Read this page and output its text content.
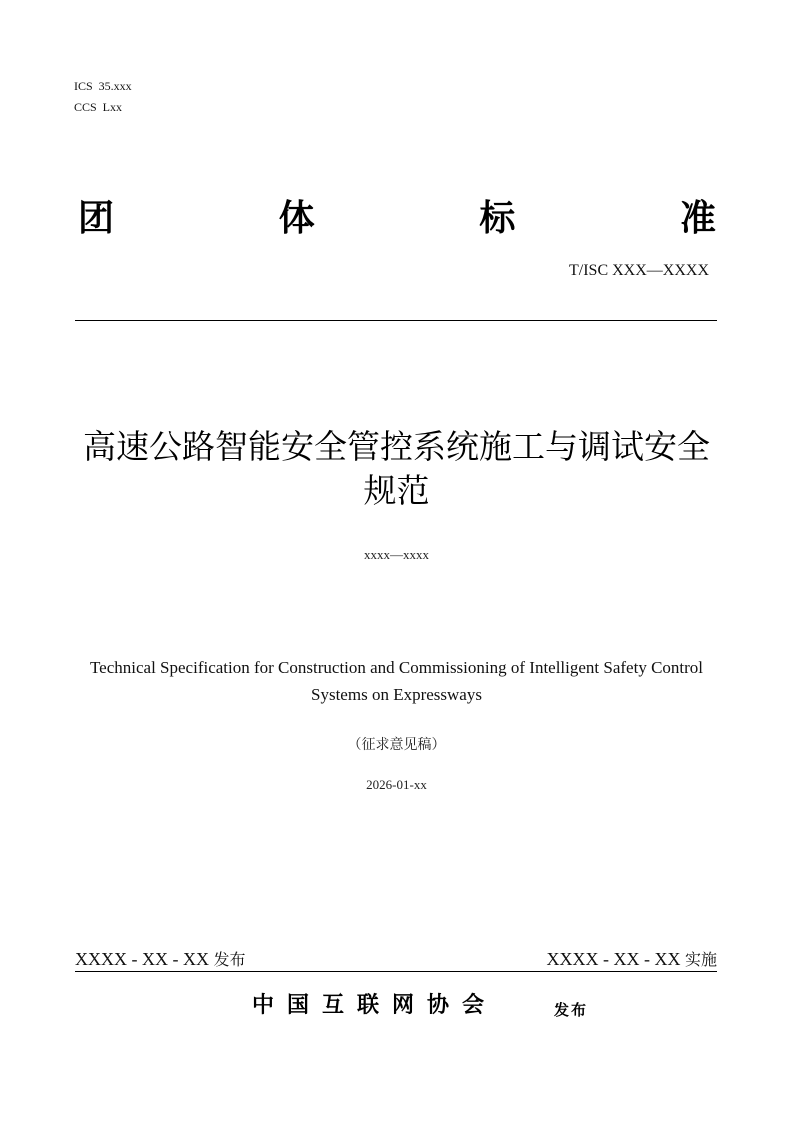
ICS  35.xxx
CCS  Lxx
团	体	标	准
T/ISC XXX—XXXX
高速公路智能安全管控系统施工与调试安全规范
xxxx—xxxx
Technical Specification for Construction and Commissioning of Intelligent Safety Control Systems on Expressways
（征求意见稿）
2026-01-xx
XXXX - XX - XX 发布	XXXX - XX - XX 实施
中国互联网协会	发布
